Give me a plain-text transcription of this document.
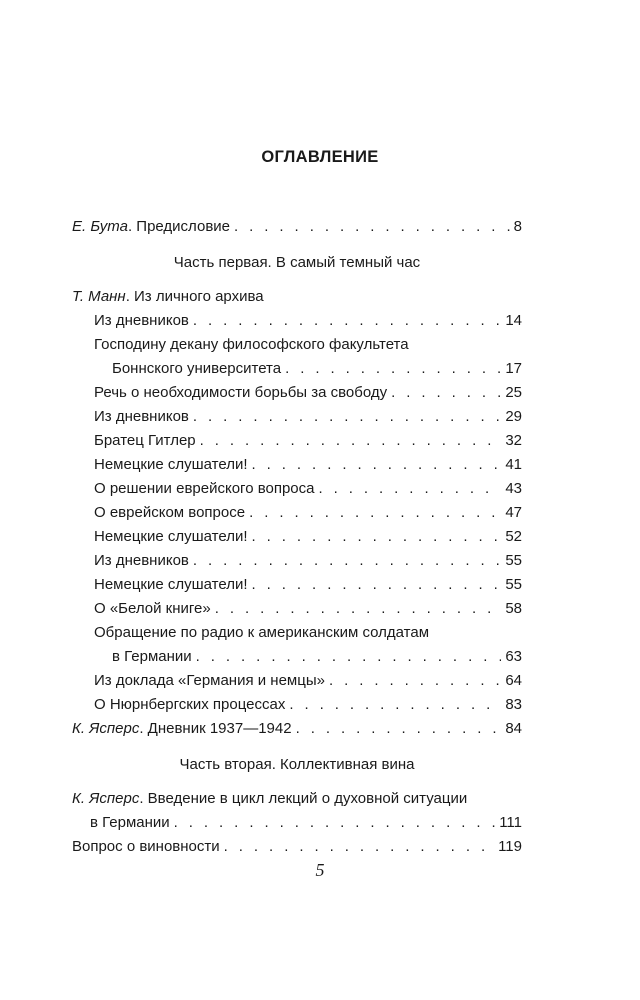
ОГЛАВЛЕНИЕ
Е. Бута . Предисловие . . .	8
Часть первая. В самый темный час
Т. Манн . Из личного архива
Из дневников . . .	14
Господину декану философского факультета
Боннского университета . . .	17
Речь о необходимости борьбы за свободу . . .	25
Из дневников . . .	29
Братец Гитлер . . .	32
Немецкие слушатели! . . .	41
О решении еврейского вопроса . . .	43
О еврейском вопросе . . .	47
Немецкие слушатели! . . .	52
Из дневников . . .	55
Немецкие слушатели! . . .	55
О «Белой книге» . . .	58
Обращение по радио к американским солдатам
в Германии . . .	63
Из доклада «Германия и немцы» . . .	64
О Нюрнбергских процессах . . .	83
К. Ясперс . Дневник 1937—1942 . . .	84
Часть вторая. Коллективная вина
К. Ясперс . Введение в цикл лекций о духовной ситуации
в Германии . . .	111
Вопрос о виновности . . .	119
5
